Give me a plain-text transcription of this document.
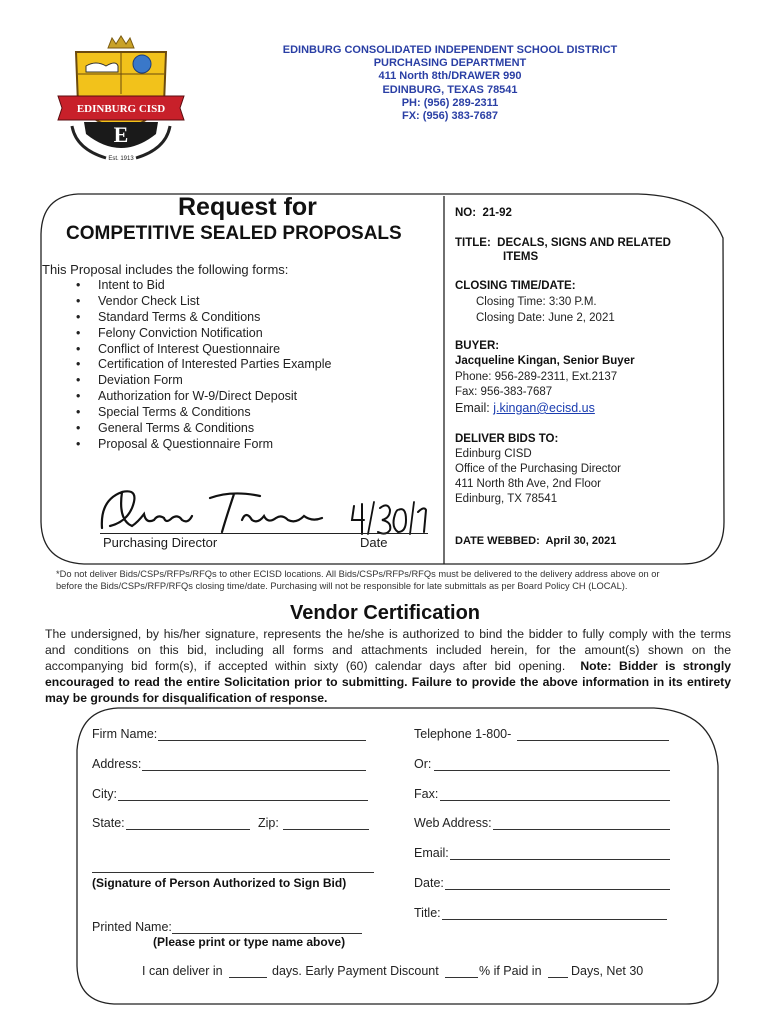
EDINBURG CISD
E
Est. 1913
EDINBURG CONSOLIDATED INDEPENDENT SCHOOL DISTRICT
PURCHASING DEPARTMENT
411 North 8th/DRAWER 990
EDINBURG, TEXAS 78541
PH: (956) 289-2311
FX: (956) 383-7687
Request for
COMPETITIVE SEALED PROPOSALS
This Proposal includes the following forms:
• Intent to Bid
• Vendor Check List
• Standard Terms & Conditions
• Felony Conviction Notification
• Conflict of Interest Questionnaire
• Certification of Interested Parties Example
• Deviation Form
• Authorization for W-9/Direct Deposit
• Special Terms & Conditions
• General Terms & Conditions
• Proposal & Questionnaire Form
Purchasing Director	Date
NO: 21-92
TITLE: DECALS, SIGNS AND RELATED
ITEMS
CLOSING TIME/DATE:
Closing Time: 3:30 P.M.
Closing Date: June 2, 2021
BUYER:
Jacqueline Kingan, Senior Buyer
Phone: 956-289-2311, Ext.2137
Fax: 956-383-7687
Email: j.kingan@ecisd.us
DELIVER BIDS TO:
Edinburg CISD
Office of the Purchasing Director
411 North 8th Ave, 2nd Floor
Edinburg, TX 78541
DATE WEBBED: April 30, 2021
*Do not deliver Bids/CSPs/RFPs/RFQs to other ECISD locations. All Bids/CSPs/RFPs/RFQs must be delivered to the delivery address above on or
before the Bids/CSPs/RFP/RFQs closing time/date. Purchasing will not be responsible for late submittals as per Board Policy CH (LOCAL).
Vendor Certification
The undersigned, by his/her signature, represents the he/she is authorized to bind the bidder to fully comply with the terms
and conditions on this bid, including all forms and attachments included herein, for the amount(s) shown on the
accompanying bid form(s), if accepted within sixty (60) calendar days after bid opening. Note: Bidder is strongly
encouraged to read the entire Solicitation prior to submitting. Failure to provide the above information in its entirety
may be grounds for disqualification of response.
Firm Name:	Telephone 1-800-
Address:	Or:
City:	Fax:
State:	Zip:	Web Address:
Email:
(Signature of Person Authorized to Sign Bid)	Date:
Title:
Printed Name:
(Please print or type name above)
I can deliver in	days. Early Payment Discount	% if Paid in Days, Net 30
